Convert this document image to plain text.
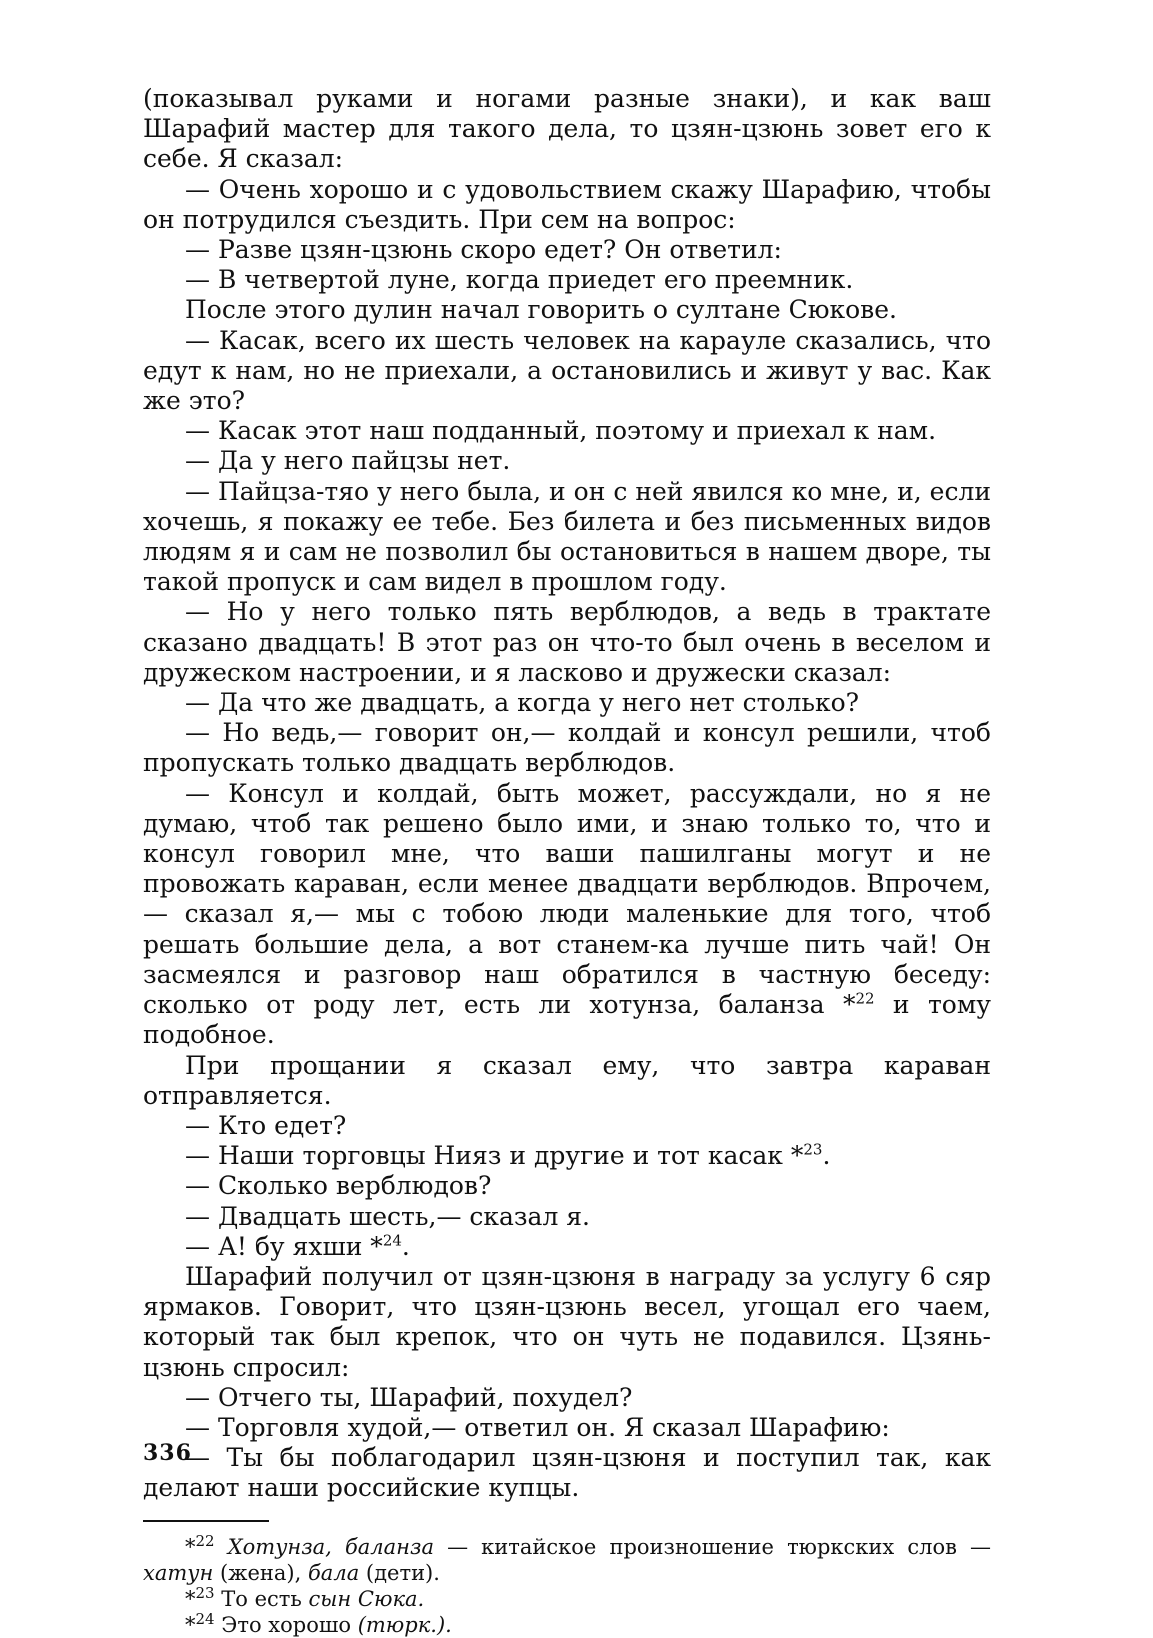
(показывал руками и ногами разные знаки), и как ваш Шарафий мастер для такого дела, то цзян-цзюнь зовет его к себе. Я сказал:

— Очень хорошо и с удовольствием скажу Шарафию, чтобы он потрудился съездить. При сем на вопрос:

— Разве цзян-цзюнь скоро едет? Он ответил:

— В четвертой луне, когда приедет его преемник.

После этого дулин начал говорить о султане Сюкове.

— Касак, всего их шесть человек на карауле сказались, что едут к нам, но не приехали, а остановились и живут у вас. Как же это?

— Касак этот наш подданный, поэтому и приехал к нам.

— Да у него пайцзы нет.

— Пайцза-тяо у него была, и он с ней явился ко мне, и, если хочешь, я покажу ее тебе. Без билета и без письменных видов людям я и сам не позволил бы остановиться в нашем дворе, ты такой пропуск и сам видел в прошлом году.

— Но у него только пять верблюдов, а ведь в трактате сказано двадцать! В этот раз он что-то был очень в веселом и дружеском настроении, и я ласково и дружески сказал:

— Да что же двадцать, а когда у него нет столько?

— Но ведь,— говорит он,— колдай и консул решили, чтоб пропускать только двадцать верблюдов.

— Консул и колдай, быть может, рассуждали, но я не думаю, чтоб так решено было ими, и знаю только то, что и консул говорил мне, что ваши пашилганы могут и не провожать караван, если менее двадцати верблюдов. Впрочем,— сказал я,— мы с тобою люди маленькие для того, чтоб решать большие дела, а вот станем-ка лучше пить чай! Он засмеялся и разговор наш обратился в частную беседу: сколько от роду лет, есть ли хотунза, баланза *$^{22}$ и тому подобное.

При прощании я сказал ему, что завтра караван отправляется.

— Кто едет?

— Наши торговцы Нияз и другие и тот касак *$^{23}$.

— Сколько верблюдов?

— Двадцать шесть,— сказал я.

— А! бу яхши *$^{24}$.

Шарафий получил от цзян-цзюня в награду за услугу 6 сяр ярмаков. Говорит, что цзян-цзюнь весел, угощал его чаем, который так был крепок, что он чуть не подавился. Цзянь-цзюнь спросил:

— Отчего ты, Шарафий, похудел?

— Торговля худой,— ответил он. Я сказал Шарафию:

— Ты бы поблагодарил цзян-цзюня и поступил так, как делают наши российские купцы.

*$^{22}$ Хотунза, баланза — китайское произношение тюркских слов — хатун (жена), бала (дети).

*$^{23}$ То есть сын Сюка.

*$^{24}$ Это хорошо (тюрк.).

336
